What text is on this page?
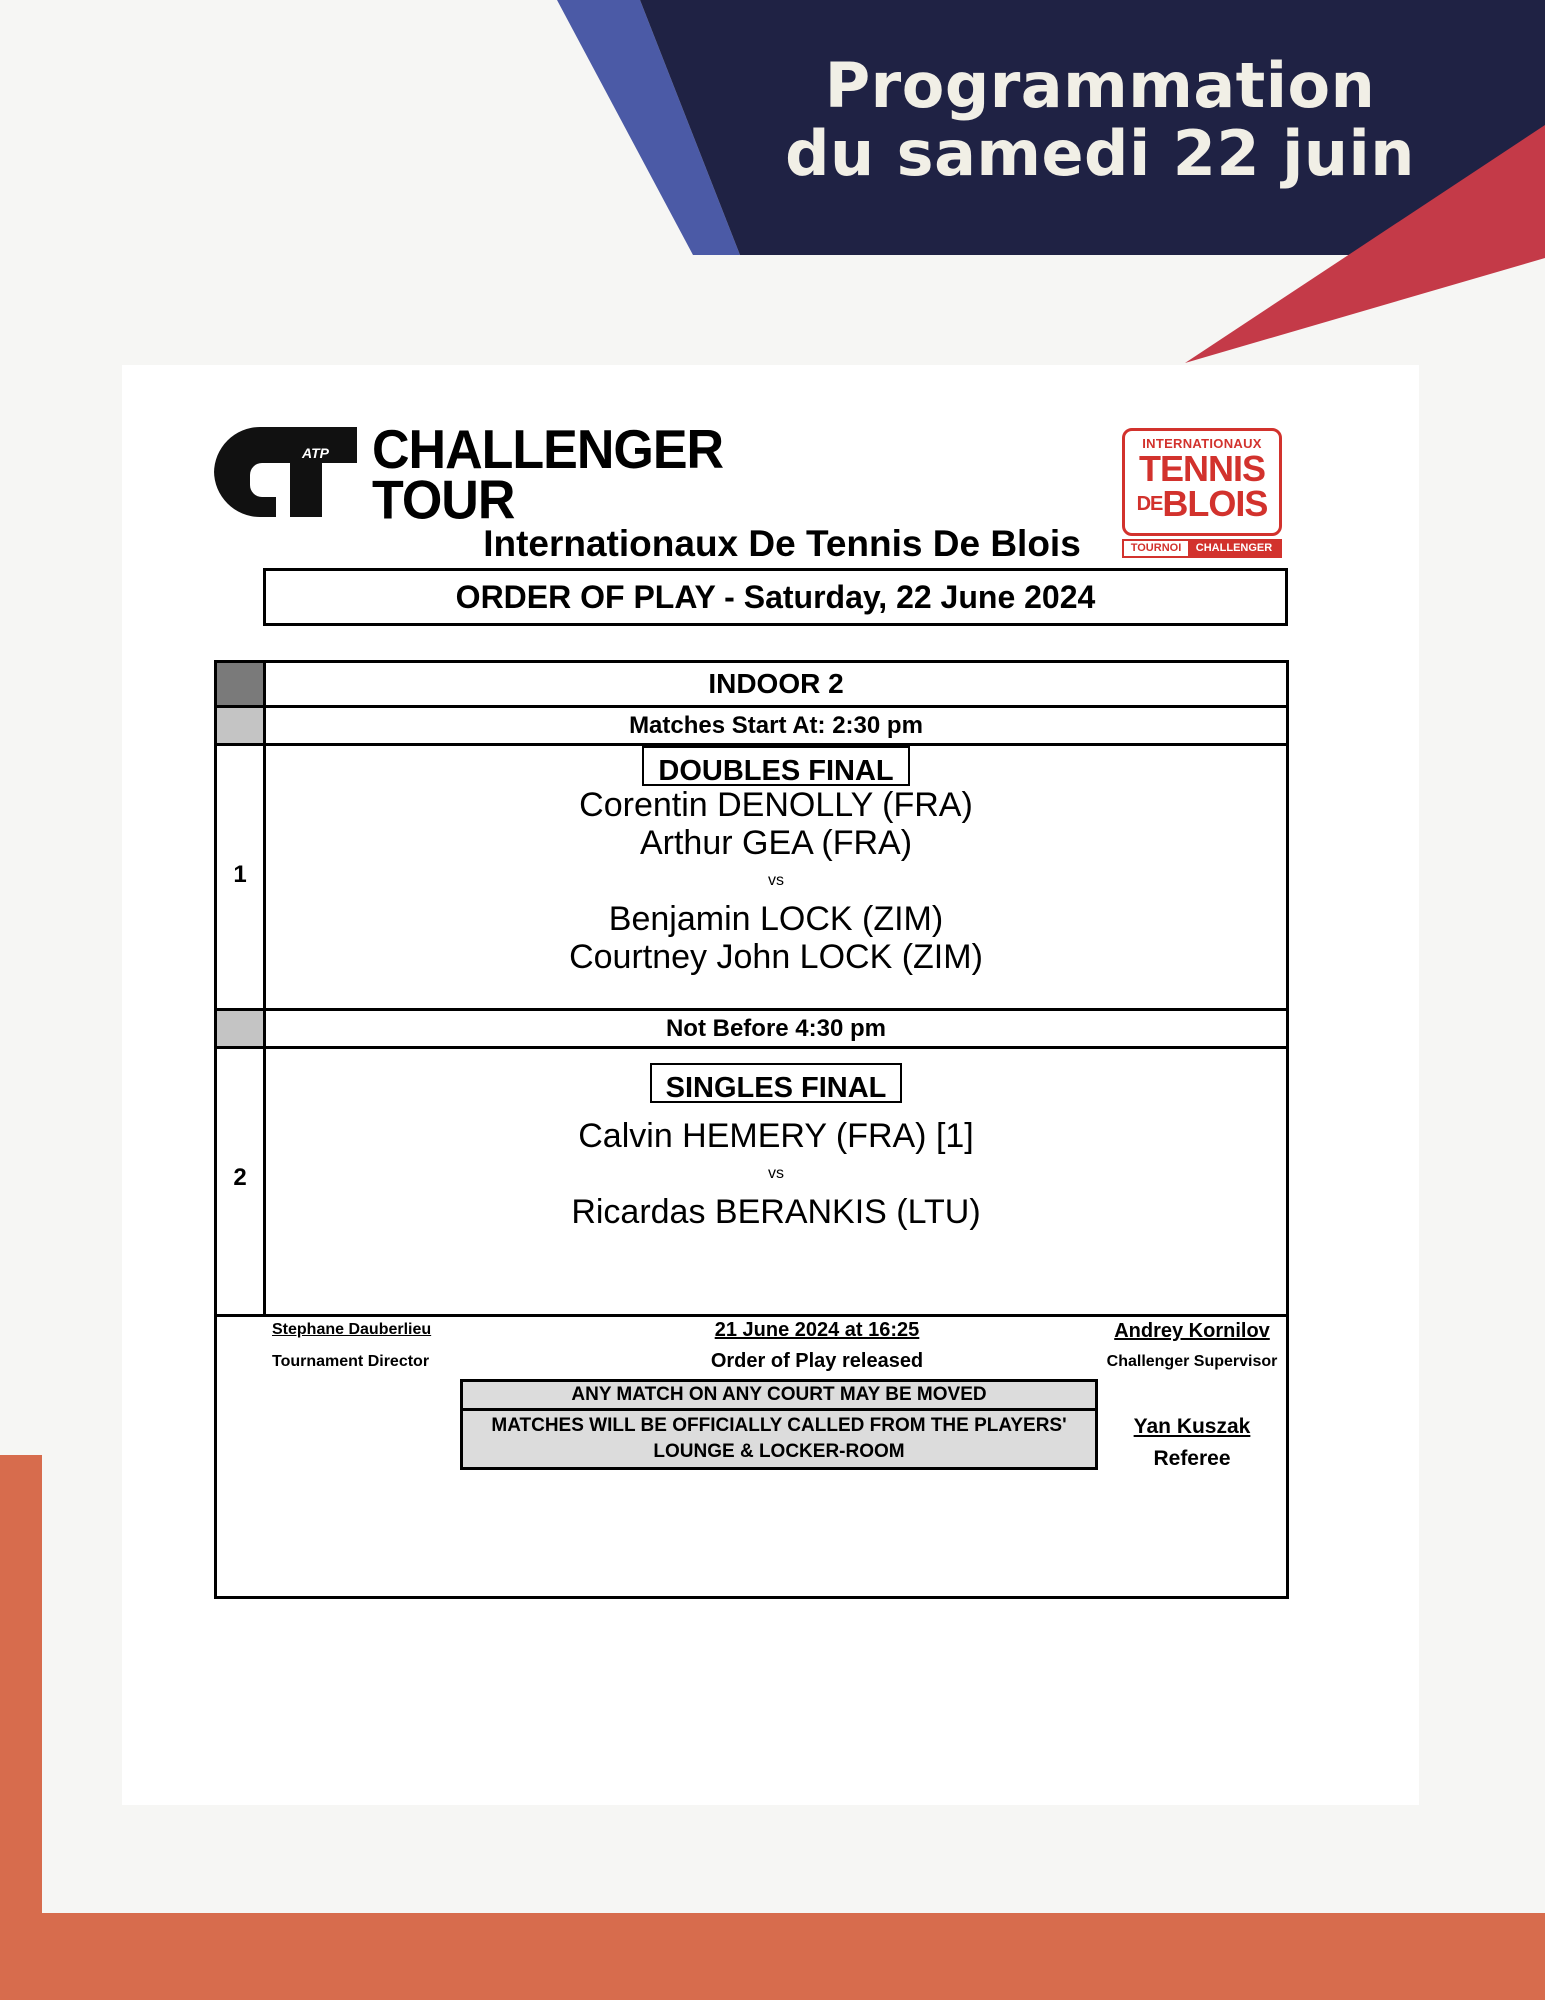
Programmation
du samedi 22 juin
ATP CHALLENGER
TOUR
INTERNATIONAUX
TENNIS
$^{DE}$BLOIS
TOURNOI	CHALLENGER
Internationaux De Tennis De Blois
ORDER OF PLAY - Saturday, 22 June 2024
INDOOR 2
Matches Start At: 2:30 pm
1
DOUBLES FINAL
Corentin DENOLLY (FRA)
Arthur GEA (FRA)
vs
Benjamin LOCK (ZIM)
Courtney John LOCK (ZIM)
Not Before 4:30 pm
2
SINGLES FINAL
Calvin HEMERY (FRA) [1]
vs
Ricardas BERANKIS (LTU)
Stephane Dauberlieu
Tournament Director
21 June 2024 at 16:25
Order of Play released
Andrey Kornilov
Challenger Supervisor
ANY MATCH ON ANY COURT MAY BE MOVED
MATCHES WILL BE OFFICIALLY CALLED FROM THE PLAYERS'
LOUNGE & LOCKER-ROOM
Yan Kuszak
Referee
